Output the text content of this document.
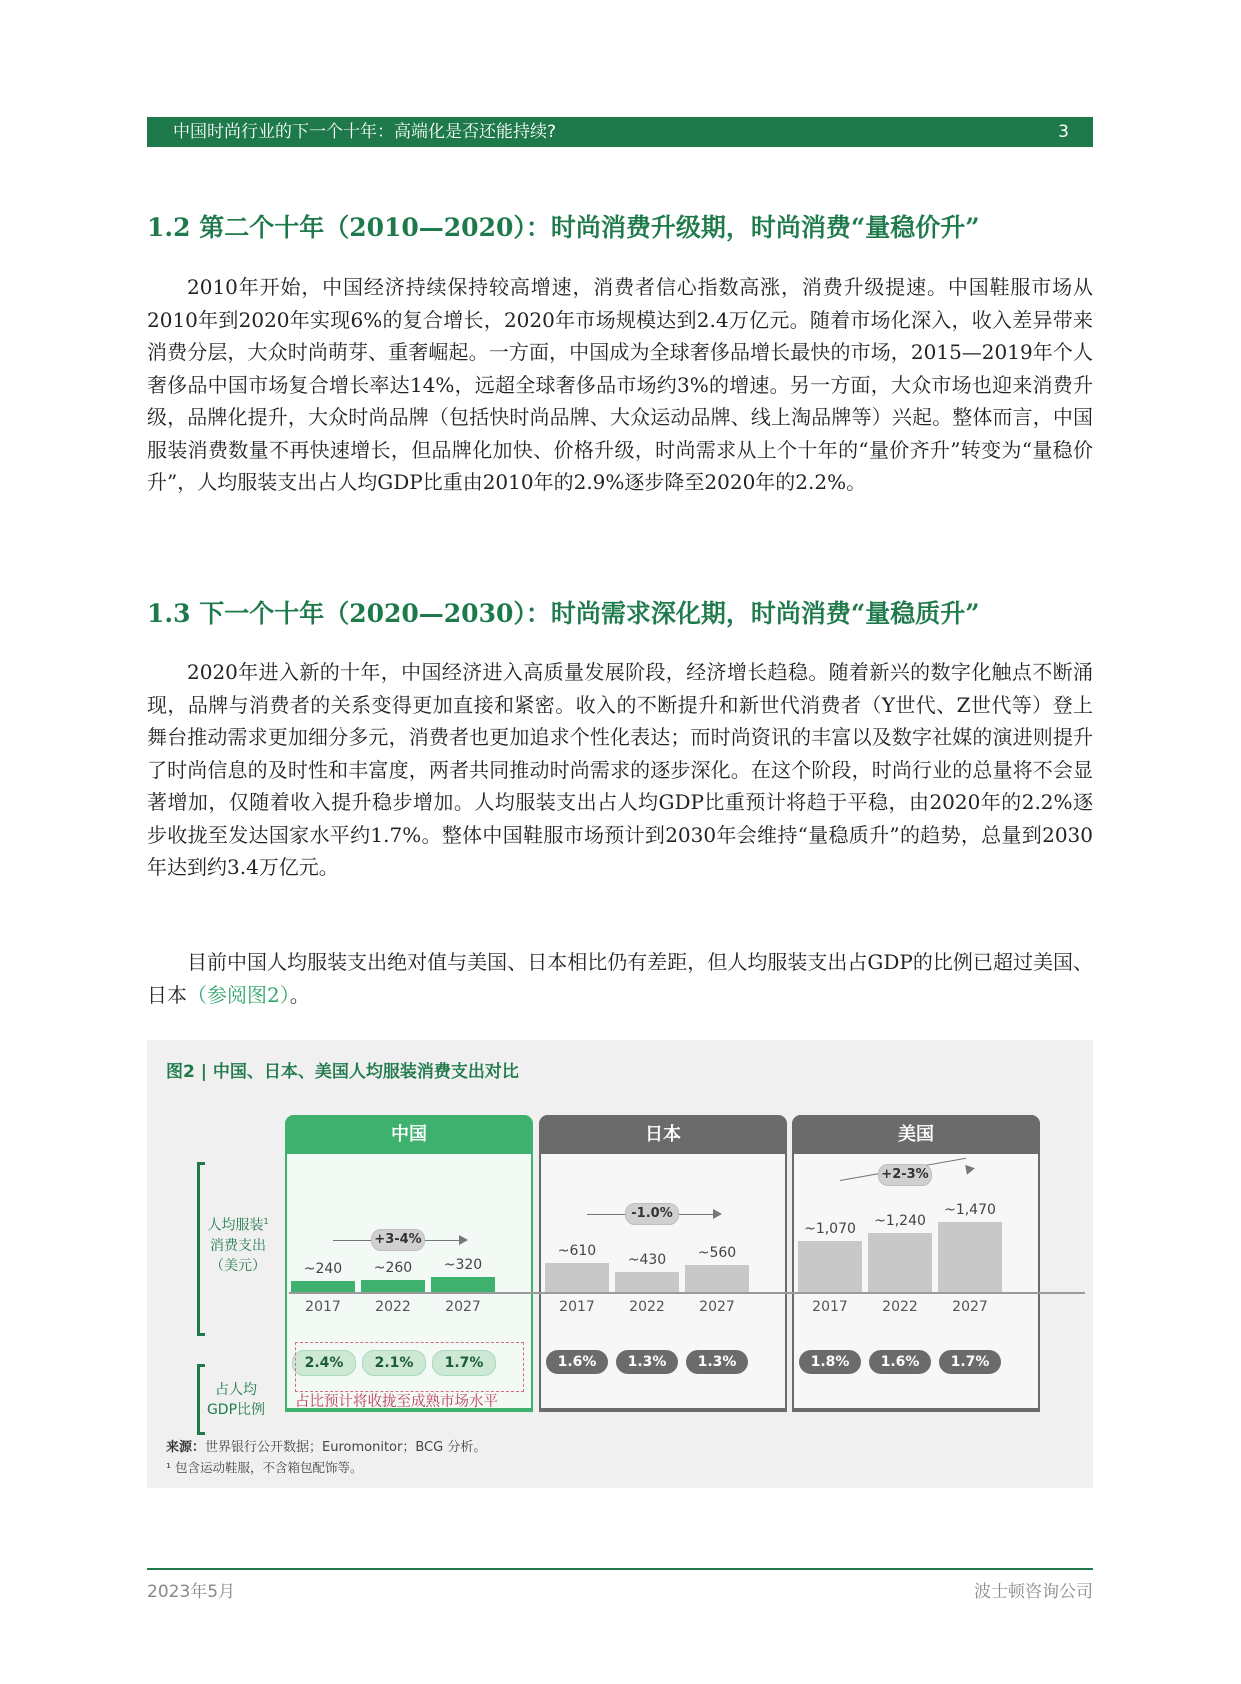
中国时尚行业的下一个十年：高端化是否还能持续?	3
1.2 第二个十年（2010—2020）：时尚消费升级期，时尚消费“量稳价升”
2010年开始，中国经济持续保持较高增速，消费者信心指数高涨，消费升级提速。中国鞋服市场从2010年到2020年实现6%的复合增长，2020年市场规模达到2.4万亿元。随着市场化深入，收入差异带来消费分层，大众时尚萌芽、重奢崛起。一方面，中国成为全球奢侈品增长最快的市场，2015—2019年个人奢侈品中国市场复合增长率达14%，远超全球奢侈品市场约3%的增速。另一方面，大众市场也迎来消费升级，品牌化提升，大众时尚品牌（包括快时尚品牌、大众运动品牌、线上淘品牌等）兴起。整体而言，中国服装消费数量不再快速增长，但品牌化加快、价格升级，时尚需求从上个十年的“量价齐升”转变为“量稳价升”，人均服装支出占人均GDP比重由2010年的2.9%逐步降至2020年的2.2%。
1.3 下一个十年（2020—2030）：时尚需求深化期，时尚消费“量稳质升”
2020年进入新的十年，中国经济进入高质量发展阶段，经济增长趋稳。随着新兴的数字化触点不断涌现，品牌与消费者的关系变得更加直接和紧密。收入的不断提升和新世代消费者（Y世代、Z世代等）登上舞台推动需求更加细分多元，消费者也更加追求个性化表达；而时尚资讯的丰富以及数字社媒的演进则提升了时尚信息的及时性和丰富度，两者共同推动时尚需求的逐步深化。在这个阶段，时尚行业的总量将不会显著增加，仅随着收入提升稳步增加。人均服装支出占人均GDP比重预计将趋于平稳，由2020年的2.2%逐步收拢至发达国家水平约1.7%。整体中国鞋服市场预计到2030年会维持“量稳质升”的趋势，总量到2030年达到约3.4万亿元。
目前中国人均服装支出绝对值与美国、日本相比仍有差距，但人均服装支出占GDP的比例已超过美国、日本（参阅图2）。
图2 | 中国、日本、美国人均服装消费支出对比
人均服装$^1$
消费支出
（美元）
占人均
GDP比例
中国	日本	美国
~240
2017
2.4%
~260
2022
2.1%
~320
2027
1.7%
+3-4%
~610
2017
1.6%
~430
2022
1.3%
~560
2027
1.3%
-1.0%
~1,070
2017
1.8%
~1,240
2022
1.6%
~1,470
2027
1.7%
+2-3%
占比预计将收拢至成熟市场水平
来源：世界银行公开数据；Euromonitor；BCG 分析。
¹ 包含运动鞋服，不含箱包配饰等。
2023年5月	波士顿咨询公司
